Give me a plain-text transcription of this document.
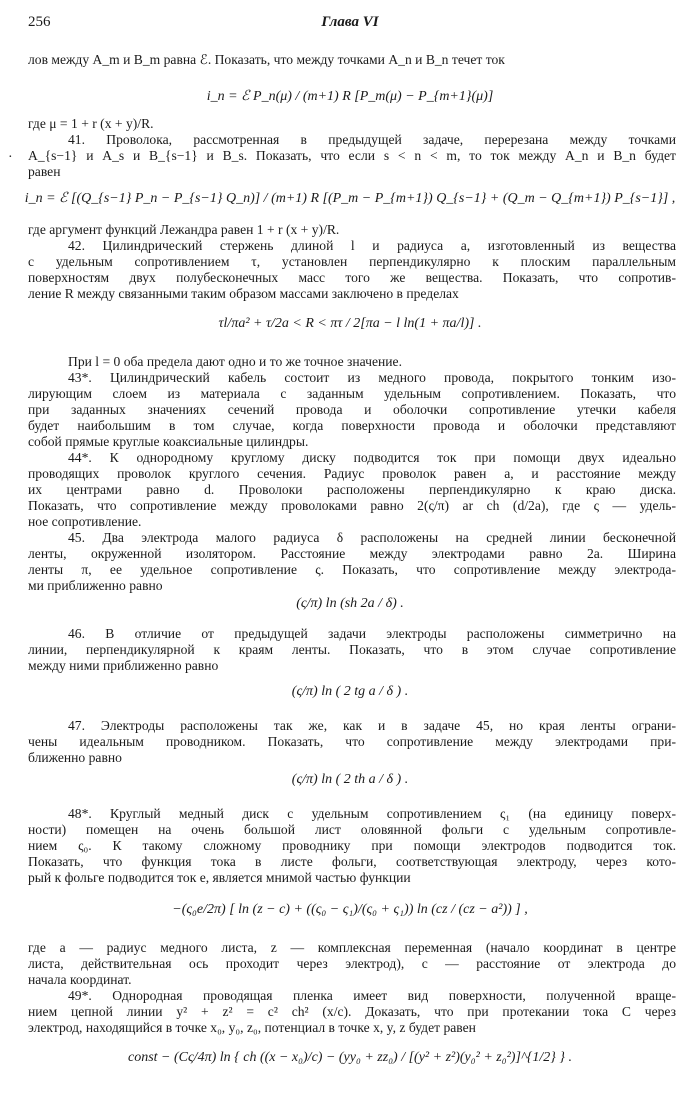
256	Глава VI
лов между A_m и B_m равна ℰ. Показать, что между точками A_n и B_n течет ток
i_n = ℰ P_n(μ) / (m+1) R [P_m(μ) − P_{m+1}(μ)]
где μ = 1 + r (x + y)/R.
41. Проволока, рассмотренная в предыдущей задаче, перерезана между точками
A_{s−1} и A_s и B_{s−1} и B_s. Показать, что если s < n < m, то ток между A_n и B_n будет
равен
·
i_n = ℰ [(Q_{s−1} P_n − P_{s−1} Q_n)] / (m+1) R [(P_m − P_{m+1}) Q_{s−1} + (Q_m − Q_{m+1}) P_{s−1}] ,
где аргумент функций Лежандра равен 1 + r (x + y)/R.
42. Цилиндрический стержень длиной l и радиуса a, изготовленный из вещества
с удельным сопротивлением τ, установлен перпендикулярно к плоским параллельным
поверхностям двух полубесконечных масс того же вещества. Показать, что сопротив-
ление R между связанными таким образом массами заключено в пределах
τl/πa² + τ/2a < R < πτ / 2[πa − l ln(1 + πa/l)] .
При l = 0 оба предела дают одно и то же точное значение.
43*. Цилиндрический кабель состоит из медного провода, покрытого тонким изо-
лирующим слоем из материала с заданным удельным сопротивлением. Показать, что
при заданных значениях сечений провода и оболочки сопротивление утечки кабеля
будет наибольшим в том случае, когда поверхности провода и оболочки представляют
собой прямые круглые коаксиальные цилиндры.
44*. К однородному круглому диску подводится ток при помощи двух идеально
проводящих проволок круглого сечения. Радиус проволок равен a, и расстояние между
их центрами равно d. Проволоки расположены перпендикулярно к краю диска.
Показать, что сопротивление между проволоками равно 2(ς/π) ar ch (d/2a), где ς — удель-
ное сопротивление.
45. Два электрода малого радиуса δ расположены на средней линии бесконечной
ленты, окруженной изолятором. Расстояние между электродами равно 2a. Ширина
ленты π, ее удельное сопротивление ς. Показать, что сопротивление между электрода-
ми приближенно равно
(ς/π) ln (sh 2a / δ) .
46. В отличие от предыдущей задачи электроды расположены симметрично на
линии, перпендикулярной к краям ленты. Показать, что в этом случае сопротивление
между ними приближенно равно
(ς/π) ln ( 2 tg a / δ ) .
47. Электроды расположены так же, как и в задаче 45, но края ленты ограни-
чены идеальным проводником. Показать, что сопротивление между электродами при-
ближенно равно
(ς/π) ln ( 2 th a / δ ) .
48*. Круглый медный диск с удельным сопротивлением ς₁ (на единицу поверх-
ности) помещен на очень большой лист оловянной фольги с удельным сопротивле-
нием ς₀. К такому сложному проводнику при помощи электродов подводится ток.
Показать, что функция тока в листе фольги, соответствующая электроду, через кото-
рый к фольге подводится ток e, является мнимой частью функции
−(ς₀e/2π) [ ln (z − c) + ((ς₀ − ς₁)/(ς₀ + ς₁)) ln (cz / (cz − a²)) ] ,
где a — радиус медного листа, z — комплексная переменная (начало координат в центре
листа, действительная ось проходит через электрод), c — расстояние от электрода до
начала координат.
49*. Однородная проводящая пленка имеет вид поверхности, полученной враще-
нием цепной линии y² + z² = c² ch² (x/c). Доказать, что при протекании тока C через
электрод, находящийся в точке x₀, y₀, z₀, потенциал в точке x, y, z будет равен
const − (Cς/4π) ln { ch ((x − x₀)/c) − (yy₀ + zz₀) / [(y² + z²)(y₀² + z₀²)]^{1/2} } .
